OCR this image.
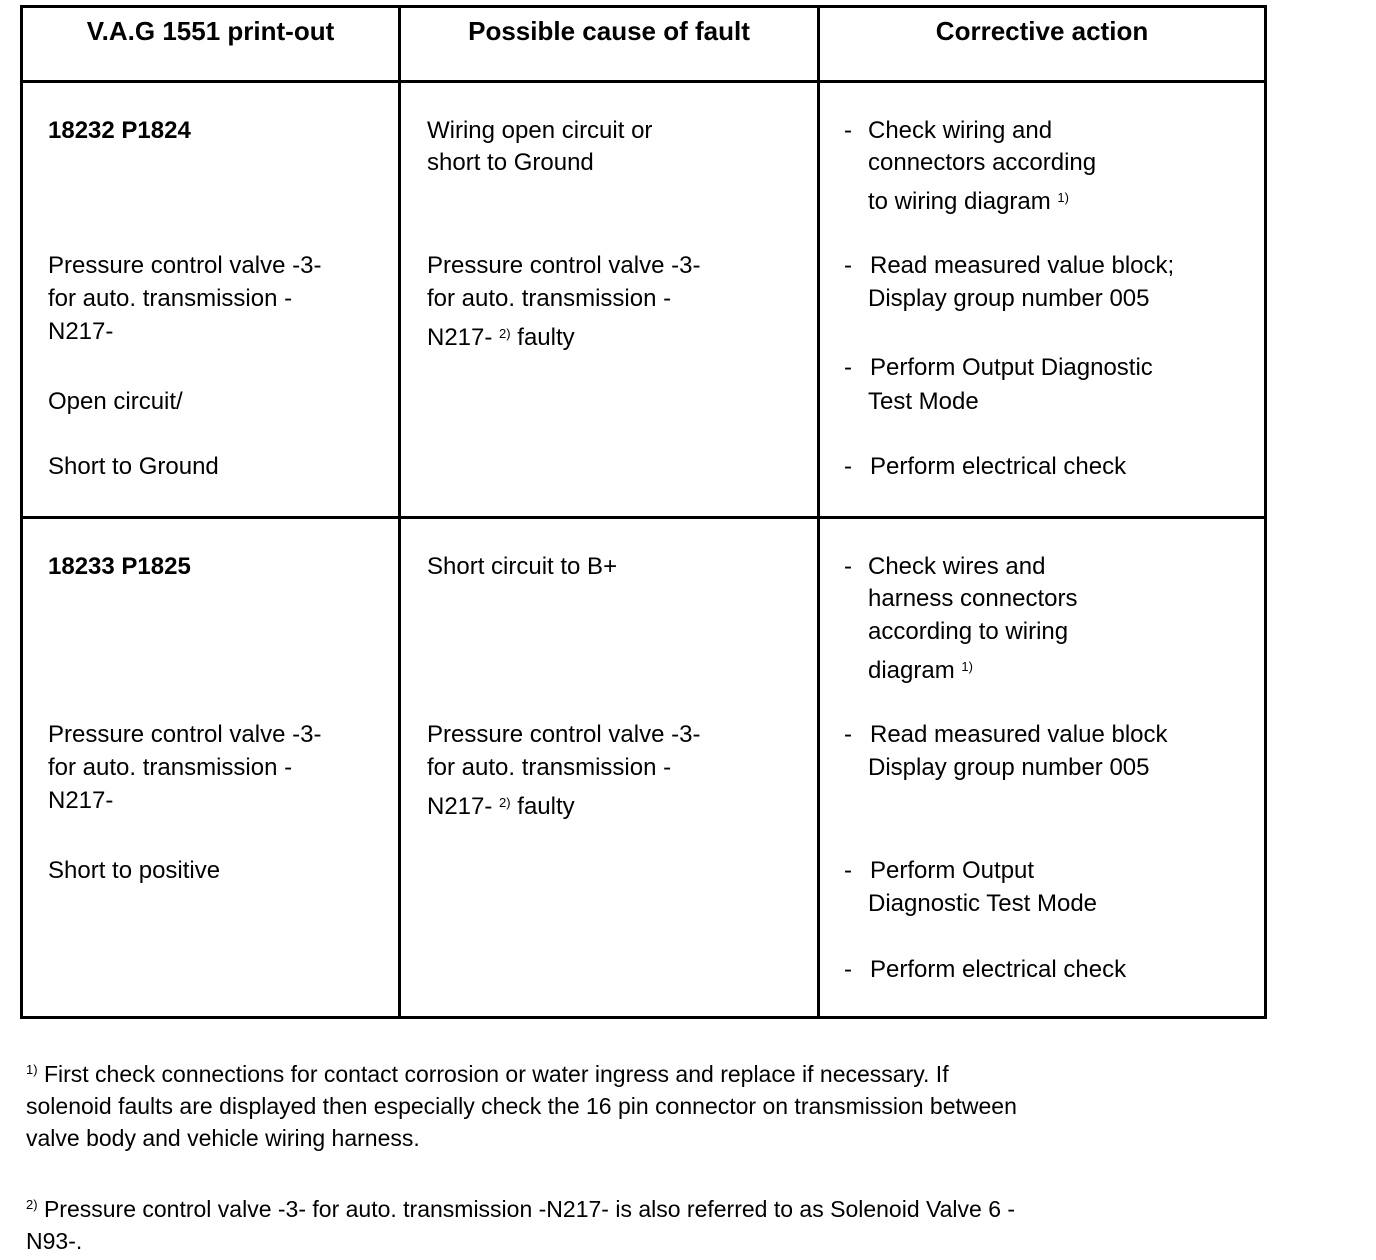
V.A.G 1551 print-out	Possible cause of fault	Corrective action
18232 P1824
Pressure control valve -3-
for auto. transmission -
N217-
Open circuit/
Short to Ground
Wiring open circuit or
short to Ground
Pressure control valve -3-
for auto. transmission -
N217- $^{2)}$ faulty
- Check wiring and
connectors according
to wiring diagram $^{1)}$
- Read measured value block;
Display group number 005
- Perform Output Diagnostic
Test Mode
- Perform electrical check
18233 P1825
Pressure control valve -3-
for auto. transmission -
N217-
Short to positive
Short circuit to B+
Pressure control valve -3-
for auto. transmission -
N217- $^{2)}$ faulty
- Check wires and
harness connectors
according to wiring
diagram $^{1)}$
- Read measured value block
Display group number 005
- Perform Output
Diagnostic Test Mode
- Perform electrical check
$^{1)}$ First check connections for contact corrosion or water ingress and replace if necessary. If
solenoid faults are displayed then especially check the 16 pin connector on transmission between
valve body and vehicle wiring harness.
$^{2)}$ Pressure control valve -3- for auto. transmission -N217- is also referred to as Solenoid Valve 6 -
N93-.
